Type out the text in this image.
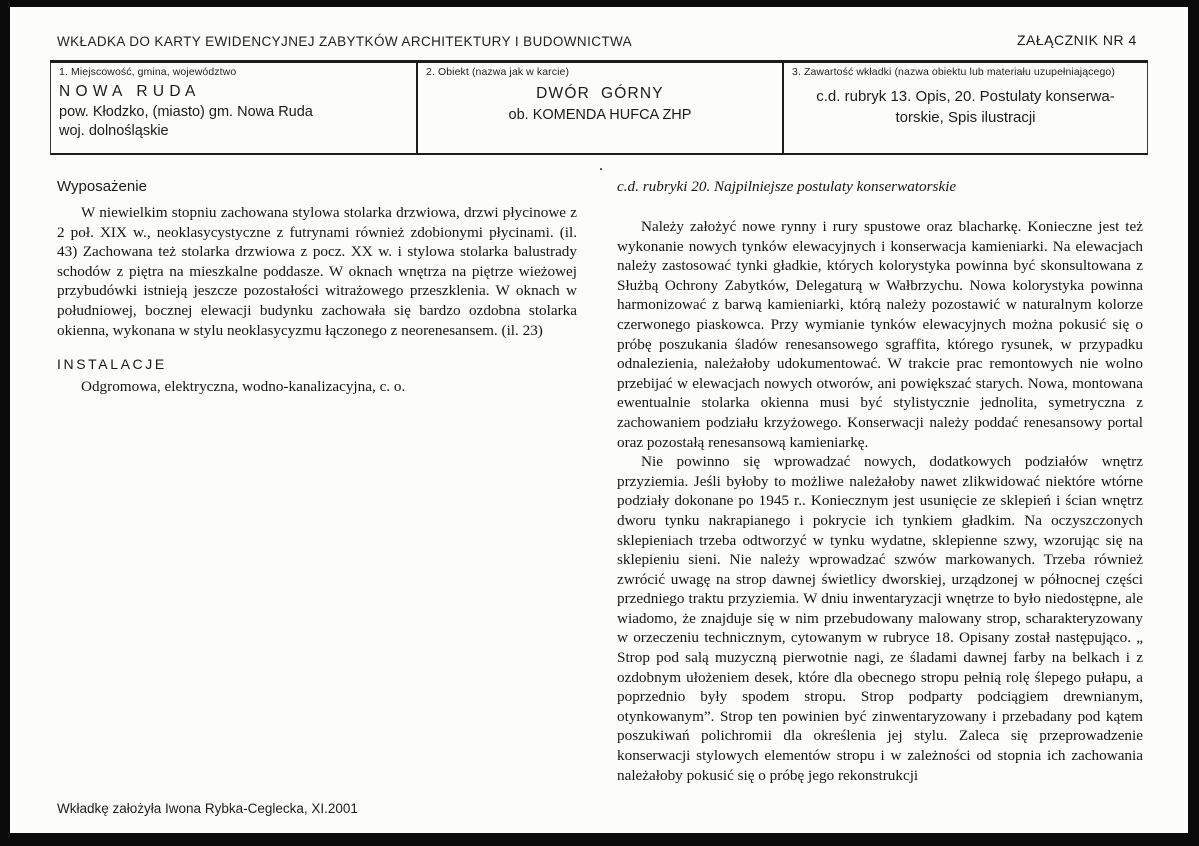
WKŁADKA DO KARTY EWIDENCYJNEJ ZABYTKÓW ARCHITEKTURY I BUDOWNICTWA	ZAŁĄCZNIK NR 4
1. Miejscowość, gmina, województwo
N O W A   R U D A
pow. Kłodzko, (miasto) gm. Nowa Ruda
woj. dolnośląskie
2. Obiekt (nazwa jak w karcie)
DWÓR  GÓRNY
ob. KOMENDA HUFCA ZHP
3. Zawartość wkładki (nazwa obiektu lub materiału uzupełniającego)
c.d. rubryk 13. Opis, 20. Postulaty konserwa-
torskie, Spis ilustracji
.
Wyposażenie
W niewielkim stopniu zachowana stylowa stolarka drzwiowa, drzwi płycinowe z 2 poł. XIX w., neoklasycystyczne z futrynami również zdobionymi płycinami. (il. 43) Zachowana też stolarka drzwiowa z pocz. XX w. i stylowa stolarka balustrady schodów z piętra na mieszkalne poddasze. W oknach wnętrza na piętrze wieżowej przybudówki istnieją jeszcze pozostałości witrażowego przeszklenia. W oknach w południowej, bocznej elewacji budynku zachowała się bardzo ozdobna stolarka okienna, wykonana w stylu neoklasycyzmu łączonego z neorenesansem. (il. 23)
INSTALACJE
Odgromowa, elektryczna, wodno-kanalizacyjna, c. o.
c.d. rubryki 20. Najpilniejsze postulaty konserwatorskie
Należy założyć nowe rynny i rury spustowe oraz blacharkę. Konieczne jest też wykonanie nowych tynków elewacyjnych i konserwacja kamieniarki. Na elewacjach należy zastosować tynki gładkie, których kolorystyka powinna być skonsultowana z Służbą Ochrony Zabytków, Delegaturą w Wałbrzychu. Nowa kolorystyka powinna harmonizować z barwą kamieniarki, którą należy pozostawić w naturalnym kolorze czerwonego piaskowca. Przy wymianie tynków elewacyjnych można pokusić się o próbę poszukania śladów renesansowego sgraffita, którego rysunek, w przypadku odnalezienia, należałoby udokumentować. W trakcie prac remontowych nie wolno przebijać w elewacjach nowych otworów, ani powiększać starych. Nowa, montowana ewentualnie stolarka okienna musi być stylistycznie jednolita, symetryczna z zachowaniem podziału krzyżowego. Konserwacji należy poddać renesansowy portal oraz pozostałą renesansową kamieniarkę.
Nie powinno się wprowadzać nowych, dodatkowych podziałów wnętrz przyziemia. Jeśli byłoby to możliwe należałoby nawet zlikwidować niektóre wtórne podziały dokonane po 1945 r.. Koniecznym jest usunięcie ze sklepień i ścian wnętrz dworu tynku nakrapianego i pokrycie ich tynkiem gładkim. Na oczyszczonych sklepieniach trzeba odtworzyć w tynku wydatne, sklepienne szwy, wzorując się na sklepieniu sieni. Nie należy wprowadzać szwów markowanych. Trzeba również zwrócić uwagę na strop dawnej świetlicy dworskiej, urządzonej w północnej części przedniego traktu przyziemia. W dniu inwentaryzacji wnętrze to było niedostępne, ale wiadomo, że znajduje się w nim przebudowany malowany strop, scharakteryzowany w orzeczeniu technicznym, cytowanym w rubryce 18. Opisany został następująco. „ Strop pod salą muzyczną pierwotnie nagi, ze śladami dawnej farby na belkach i z ozdobnym ułożeniem desek, które dla obecnego stropu pełnią rolę ślepego pułapu, a poprzednio były spodem stropu. Strop podparty podciągiem drewnianym, otynkowanym”. Strop ten powinien być zinwentaryzowany i przebadany pod kątem poszukiwań polichromii dla określenia jej stylu. Zaleca się przeprowadzenie konserwacji stylowych elementów stropu i w zależności od stopnia ich zachowania należałoby pokusić się o próbę jego rekonstrukcji
Wkładkę założyła Iwona Rybka-Ceglecka, XI.2001
